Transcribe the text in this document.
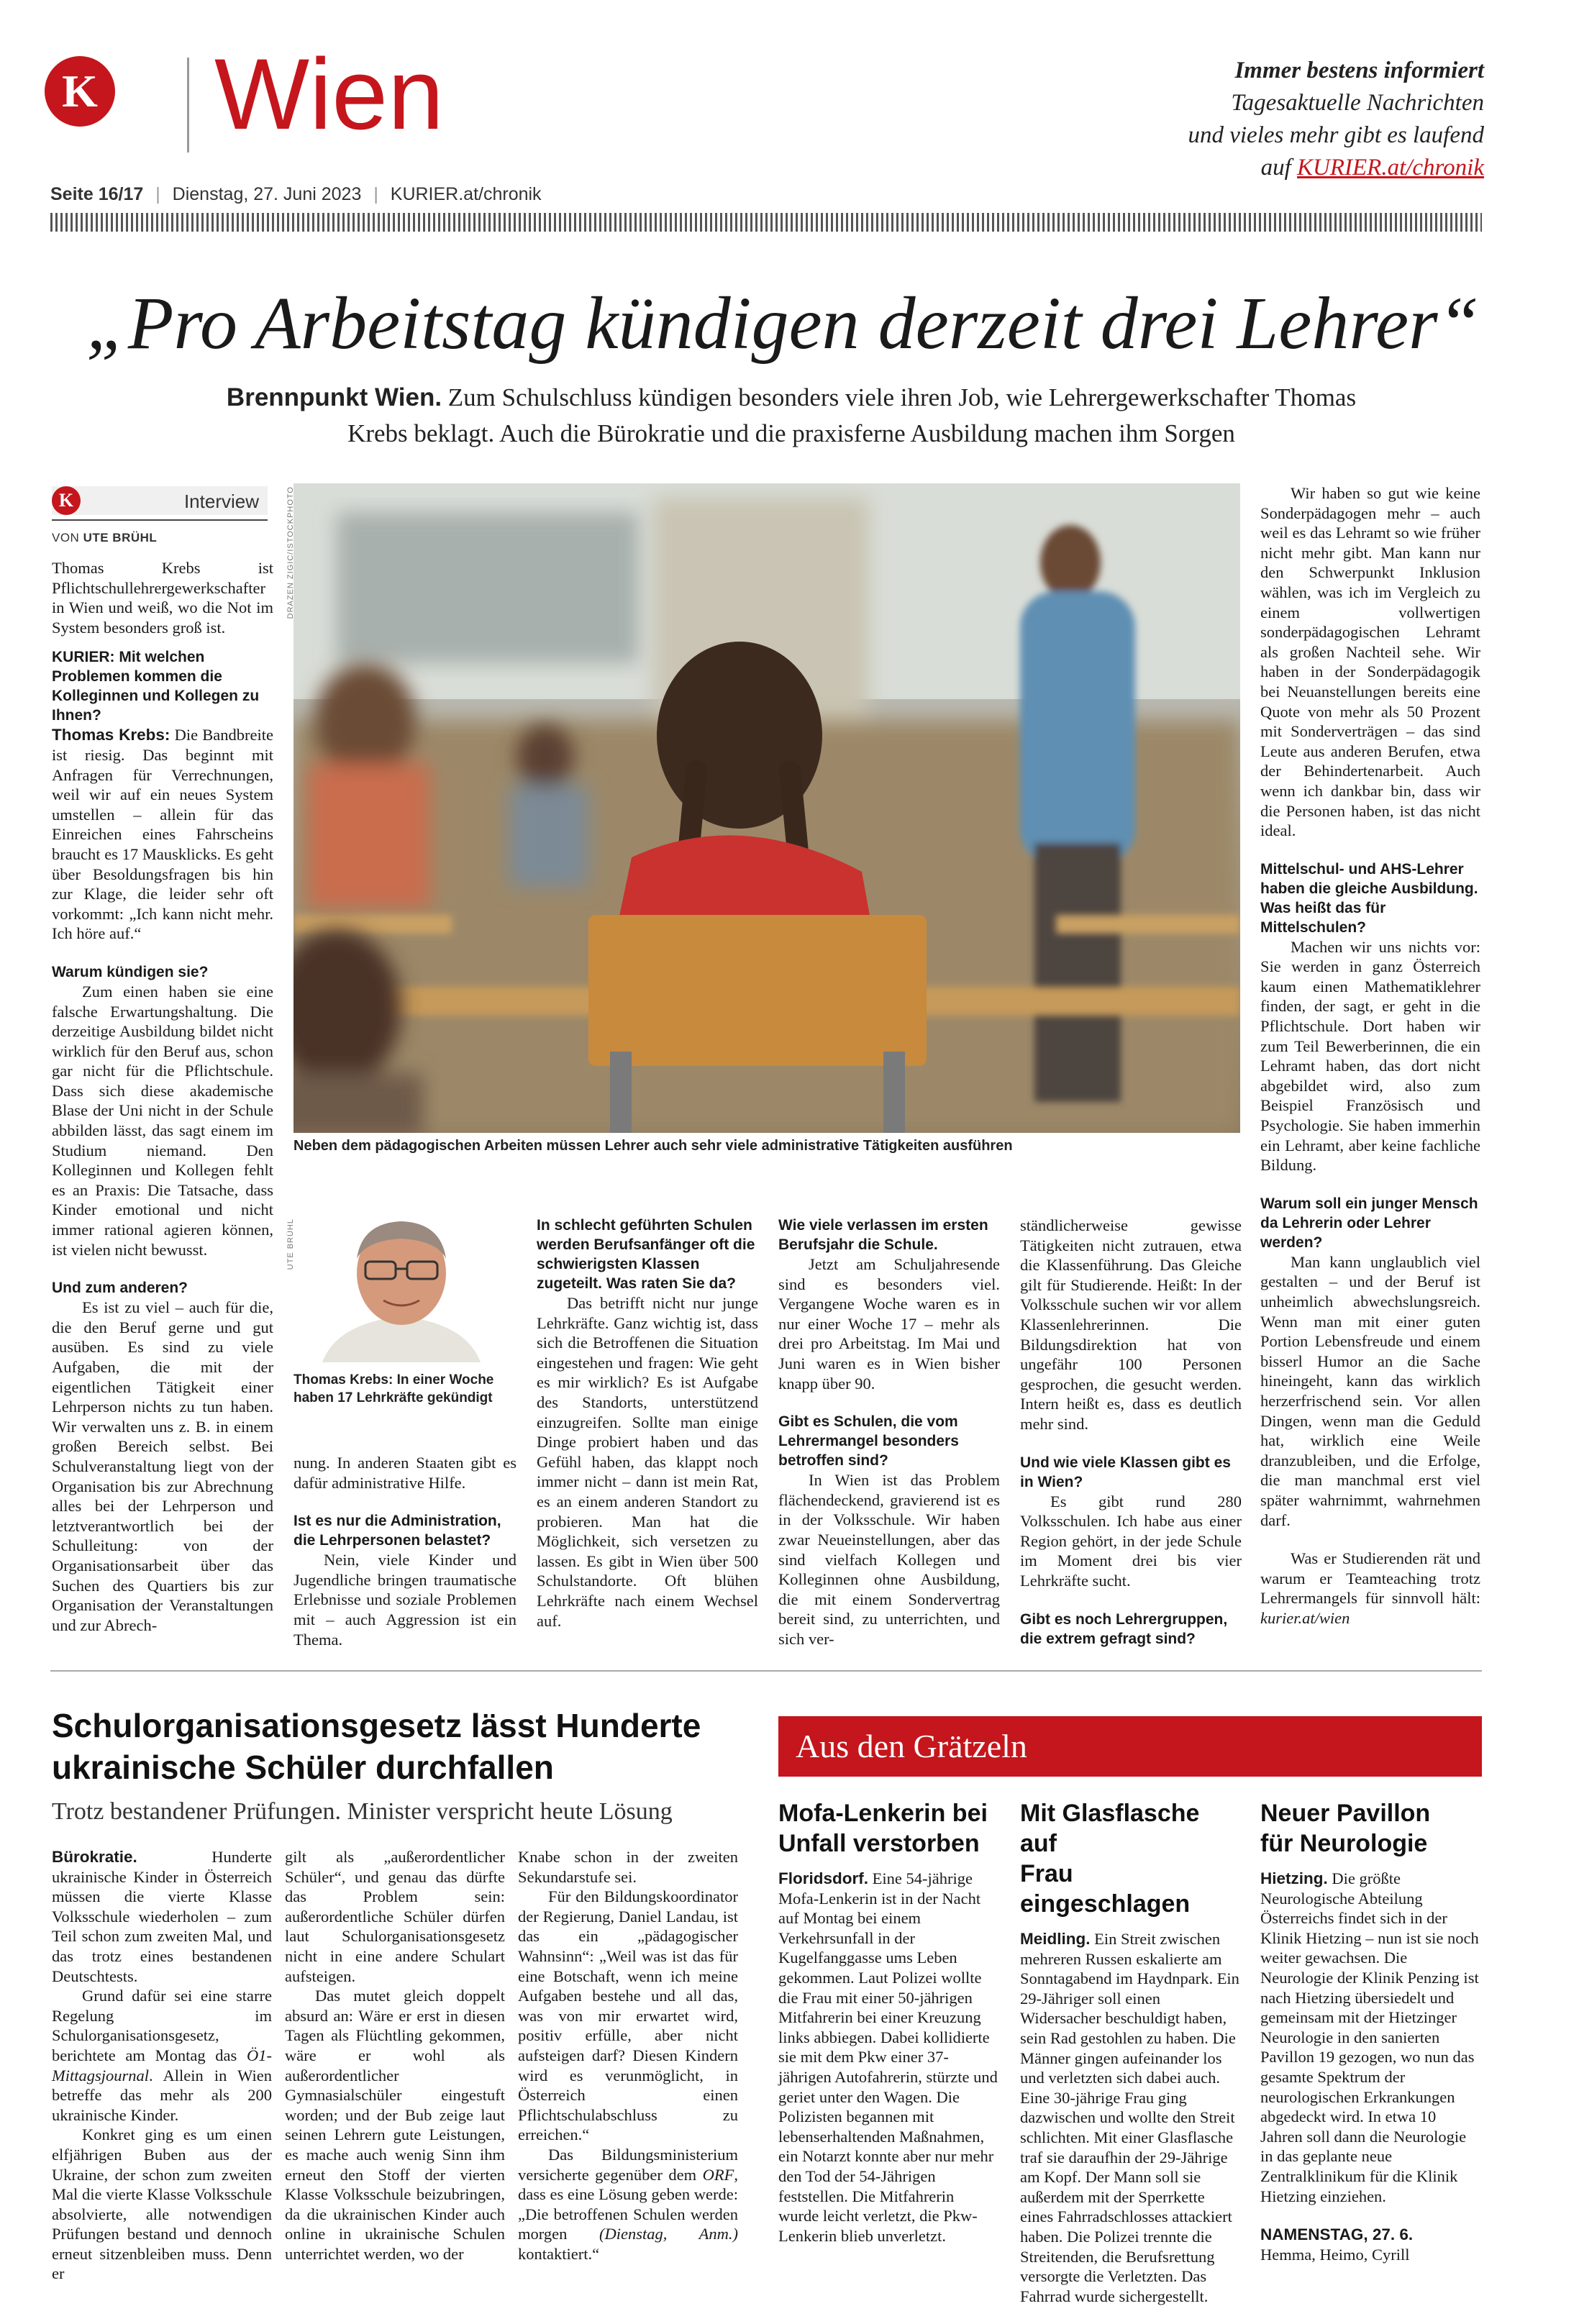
K Wien
Seite 16/17 | Dienstag, 27. Juni 2023 | KURIER.at/chronik
Immer bestens informiert
Tagesaktuelle Nachrichten
und vieles mehr gibt es laufend
auf KURIER.at/chronik
„Pro Arbeitstag kündigen derzeit drei Lehrer“
Brennpunkt Wien. Zum Schulschluss kündigen besonders viele ihren Job, wie Lehrergewerkschafter Thomas
Krebs beklagt. Auch die Bürokratie und die praxisferne Ausbildung machen ihm Sorgen
K	Interview
VON UTE BRÜHL	DRAZEN ZIGIC/ISTOCKPHOTO
Neben dem pädagogischen Arbeiten müssen Lehrer auch sehr viele administrative Tätigkeiten ausführen
UTE BRÜHL
Thomas Krebs: In einer Woche
haben 17 Lehrkräfte gekündigt

Thomas Krebs ist Pflichtschullehrergewerkschafter in Wien und weiß, wo die Not im System besonders groß ist.

KURIER: Mit welchen Problemen kommen die Kolleginnen und Kollegen zu Ihnen?

Thomas Krebs: Die Bandbreite ist riesig. Das beginnt mit Anfragen für Verrechnungen, weil wir auf ein neues System umstellen – allein für das Einreichen eines Fahrscheins braucht es 17 Mausklicks. Es geht über Besoldungsfragen bis hin zur Klage, die leider sehr oft vorkommt: „Ich kann nicht mehr. Ich höre auf.“

Warum kündigen sie?

Zum einen haben sie eine falsche Erwartungshaltung. Die derzeitige Ausbildung bildet nicht wirklich für den Beruf aus, schon gar nicht für die Pflichtschule. Dass sich diese akademische Blase der Uni nicht in der Schule abbilden lässt, das sagt einem im Studium niemand. Den Kolleginnen und Kollegen fehlt es an Praxis: Die Tatsache, dass Kinder emotional und nicht immer rational agieren können, ist vielen nicht bewusst.

Und zum anderen?

Es ist zu viel – auch für die, die den Beruf gerne und gut ausüben. Es sind zu viele Aufgaben, die mit der eigentlichen Tätigkeit einer Lehrperson nichts zu tun haben. Wir verwalten uns z. B. in einem großen Bereich selbst. Bei Schulveranstaltung liegt von der Organisation bis zur Abrechnung alles bei der Lehrperson und letztverantwortlich bei der Schulleitung: von der Organisationsarbeit über das Suchen des Quartiers bis zur Organisation der Veranstaltungen und zur Abrech-

nung. In anderen Staaten gibt es dafür administrative Hilfe.

Ist es nur die Administration, die Lehrpersonen belastet?

Nein, viele Kinder und Jugendliche bringen traumatische Erlebnisse und soziale Problemen mit – auch Aggression ist ein Thema.

In schlecht geführten Schulen werden Berufsanfänger oft die schwierigsten Klassen zugeteilt. Was raten Sie da?

Das betrifft nicht nur junge Lehrkräfte. Ganz wichtig ist, dass sich die Betroffenen die Situation eingestehen und fragen: Wie geht es mir wirklich? Es ist Aufgabe des Standorts, unterstützend einzugreifen. Sollte man einige Dinge probiert haben und das Gefühl haben, das klappt noch immer nicht – dann ist mein Rat, es an einem anderen Standort zu probieren. Man hat die Möglichkeit, sich versetzen zu lassen. Es gibt in Wien über 500 Schulstandorte. Oft blühen Lehrkräfte nach einem Wechsel auf.

Wie viele verlassen im ersten Berufsjahr die Schule.

Jetzt am Schuljahresende sind es besonders viel. Vergangene Woche waren es in nur einer Woche 17 – mehr als drei pro Arbeitstag. Im Mai und Juni waren es in Wien bisher knapp über 90.

Gibt es Schulen, die vom Lehrermangel besonders betroffen sind?

In Wien ist das Problem flächendeckend, gravierend ist es in der Volksschule. Wir haben zwar Neueinstellungen, aber das sind vielfach Kollegen und Kolleginnen ohne Ausbildung, die mit einem Sondervertrag bereit sind, zu unterrichten, und sich ver-

ständlicherweise gewisse Tätigkeiten nicht zutrauen, etwa die Klassenführung. Das Gleiche gilt für Studierende. Heißt: In der Volksschule suchen wir vor allem Klassenlehrerinnen. Die Bildungsdirektion hat von ungefähr 100 Personen gesprochen, die gesucht werden. Intern heißt es, dass es deutlich mehr sind.

Und wie viele Klassen gibt es in Wien?

Es gibt rund 280 Volksschulen. Ich habe aus einer Region gehört, in der jede Schule im Moment drei bis vier Lehrkräfte sucht.

Gibt es noch Lehrergruppen, die extrem gefragt sind?

Wir haben so gut wie keine Sonderpädagogen mehr – auch weil es das Lehramt so wie früher nicht mehr gibt. Man kann nur den Schwerpunkt Inklusion wählen, was ich im Vergleich zu einem vollwertigen sonderpädagogischen Lehramt als großen Nachteil sehe. Wir haben in der Sonderpädagogik bei Neuanstellungen bereits eine Quote von mehr als 50 Prozent mit Sonderverträgen – das sind Leute aus anderen Berufen, etwa der Behindertenarbeit. Auch wenn ich dankbar bin, dass wir die Personen haben, ist das nicht ideal.

Mittelschul- und AHS-Lehrer haben die gleiche Ausbildung. Was heißt das für Mittelschulen?

Machen wir uns nichts vor: Sie werden in ganz Österreich kaum einen Mathematiklehrer finden, der sagt, er geht in die Pflichtschule. Dort haben wir zum Teil Bewerberinnen, die ein Lehramt haben, das dort nicht abgebildet wird, also zum Beispiel Französisch und Psychologie. Sie haben immerhin ein Lehramt, aber keine fachliche Bildung.

Warum soll ein junger Mensch da Lehrerin oder Lehrer werden?

Man kann unglaublich viel gestalten – und der Beruf ist unheimlich abwechslungsreich. Wenn man mit einer guten Portion Lebensfreude und einem bisserl Humor an die Sache hineingeht, kann das wirklich herzerfrischend sein. Vor allen Dingen, wenn man die Geduld hat, wirklich eine Weile dranzubleiben, und die Erfolge, die man manchmal erst viel später wahrnimmt, wahrnehmen darf.

Was er Studierenden rät und warum er Teamteaching trotz Lehrermangels für sinnvoll hält: kurier.at/wien

Schulorganisationsgesetz lässt Hunderte
ukrainische Schüler durchfallen
Trotz bestandener Prüfungen. Minister verspricht heute Lösung

Bürokratie. Hunderte ukrainische Kinder in Österreich müssen die vierte Klasse Volksschule wiederholen – zum Teil schon zum zweiten Mal, und das trotz eines bestandenen Deutschtests.

Grund dafür sei eine starre Regelung im Schulorganisationsgesetz, berichtete am Montag das Ö1-Mittagsjournal. Allein in Wien betreffe das mehr als 200 ukrainische Kinder.

Konkret ging es um einen elfjährigen Buben aus der Ukraine, der schon zum zweiten Mal die vierte Klasse Volksschule absolvierte, alle notwendigen Prüfungen bestand und dennoch erneut sitzenbleiben muss. Denn er

gilt als „außerordentlicher Schüler“, und genau das dürfte das Problem sein: außerordentliche Schüler dürfen laut Schulorganisationsgesetz nicht in eine andere Schulart aufsteigen.

Das mutet gleich doppelt absurd an: Wäre er erst in diesen Tagen als Flüchtling gekommen, wäre er wohl als außerordentlicher Gymnasialschüler eingestuft worden; und der Bub zeige laut seinen Lehrern gute Leistungen, es mache auch wenig Sinn ihm erneut den Stoff der vierten Klasse Volksschule beizubringen, da die ukrainischen Kinder auch online in ukrainische Schulen unterrichtet werden, wo der

Knabe schon in der zweiten Sekundarstufe sei.

Für den Bildungskoordinator der Regierung, Daniel Landau, ist das ein „pädagogischer Wahnsinn“: „Weil was ist das für eine Botschaft, wenn ich meine Aufgaben bestehe und all das, was von mir erwartet wird, positiv erfülle, aber nicht aufsteigen darf? Diesen Kindern wird es verunmöglicht, in Österreich einen Pflichtschulabschluss zu erreichen.“

Das Bildungsministerium versicherte gegenüber dem ORF, dass es eine Lösung geben werde: „Die betroffenen Schulen werden morgen (Dienstag, Anm.) kontaktiert.“

Aus den Grätzeln
Mofa-Lenkerin bei
Unfall verstorben

Floridsdorf. Eine 54-jährige Mofa-Lenkerin ist in der Nacht auf Montag bei einem Verkehrsunfall in der Kugelfanggasse ums Leben gekommen. Laut Polizei wollte die Frau mit einer 50-jährigen Mitfahrerin bei einer Kreuzung links abbiegen. Dabei kollidierte sie mit dem Pkw einer 37-jährigen Autofahrerin, stürzte und geriet unter den Wagen. Die Polizisten begannen mit lebenserhaltenden Maßnahmen, ein Notarzt konnte aber nur mehr den Tod der 54-Jährigen feststellen. Die Mitfahrerin wurde leicht verletzt, die Pkw-Lenkerin blieb unverletzt.

Mit Glasflasche auf
Frau eingeschlagen

Meidling. Ein Streit zwischen mehreren Russen eskalierte am Sonntagabend im Haydnpark. Ein 29-Jähriger soll einen Widersacher beschuldigt haben, sein Rad gestohlen zu haben. Die Männer gingen aufeinander los und verletzten sich dabei auch. Eine 30-jährige Frau ging dazwischen und wollte den Streit schlichten. Mit einer Glasflasche traf sie daraufhin der 29-Jährige am Kopf. Der Mann soll sie außerdem mit der Sperrkette eines Fahrradschlosses attackiert haben. Die Polizei trennte die Streitenden, die Berufsrettung versorgte die Verletzten. Das Fahrrad wurde sichergestellt.

Neuer Pavillon
für Neurologie

Hietzing. Die größte Neurologische Abteilung Österreichs findet sich in der Klinik Hietzing – nun ist sie noch weiter gewachsen. Die Neurologie der Klinik Penzing ist nach Hietzing übersiedelt und gemeinsam mit der Hietzinger Neurologie in den sanierten Pavillon 19 gezogen, wo nun das gesamte Spektrum der neurologischen Erkrankungen abgedeckt wird. In etwa 10 Jahren soll dann die Neurologie in das geplante neue Zentralklinikum für die Klinik Hietzing einziehen.

NAMENSTAG, 27. 6.

Hemma, Heimo, Cyrill
